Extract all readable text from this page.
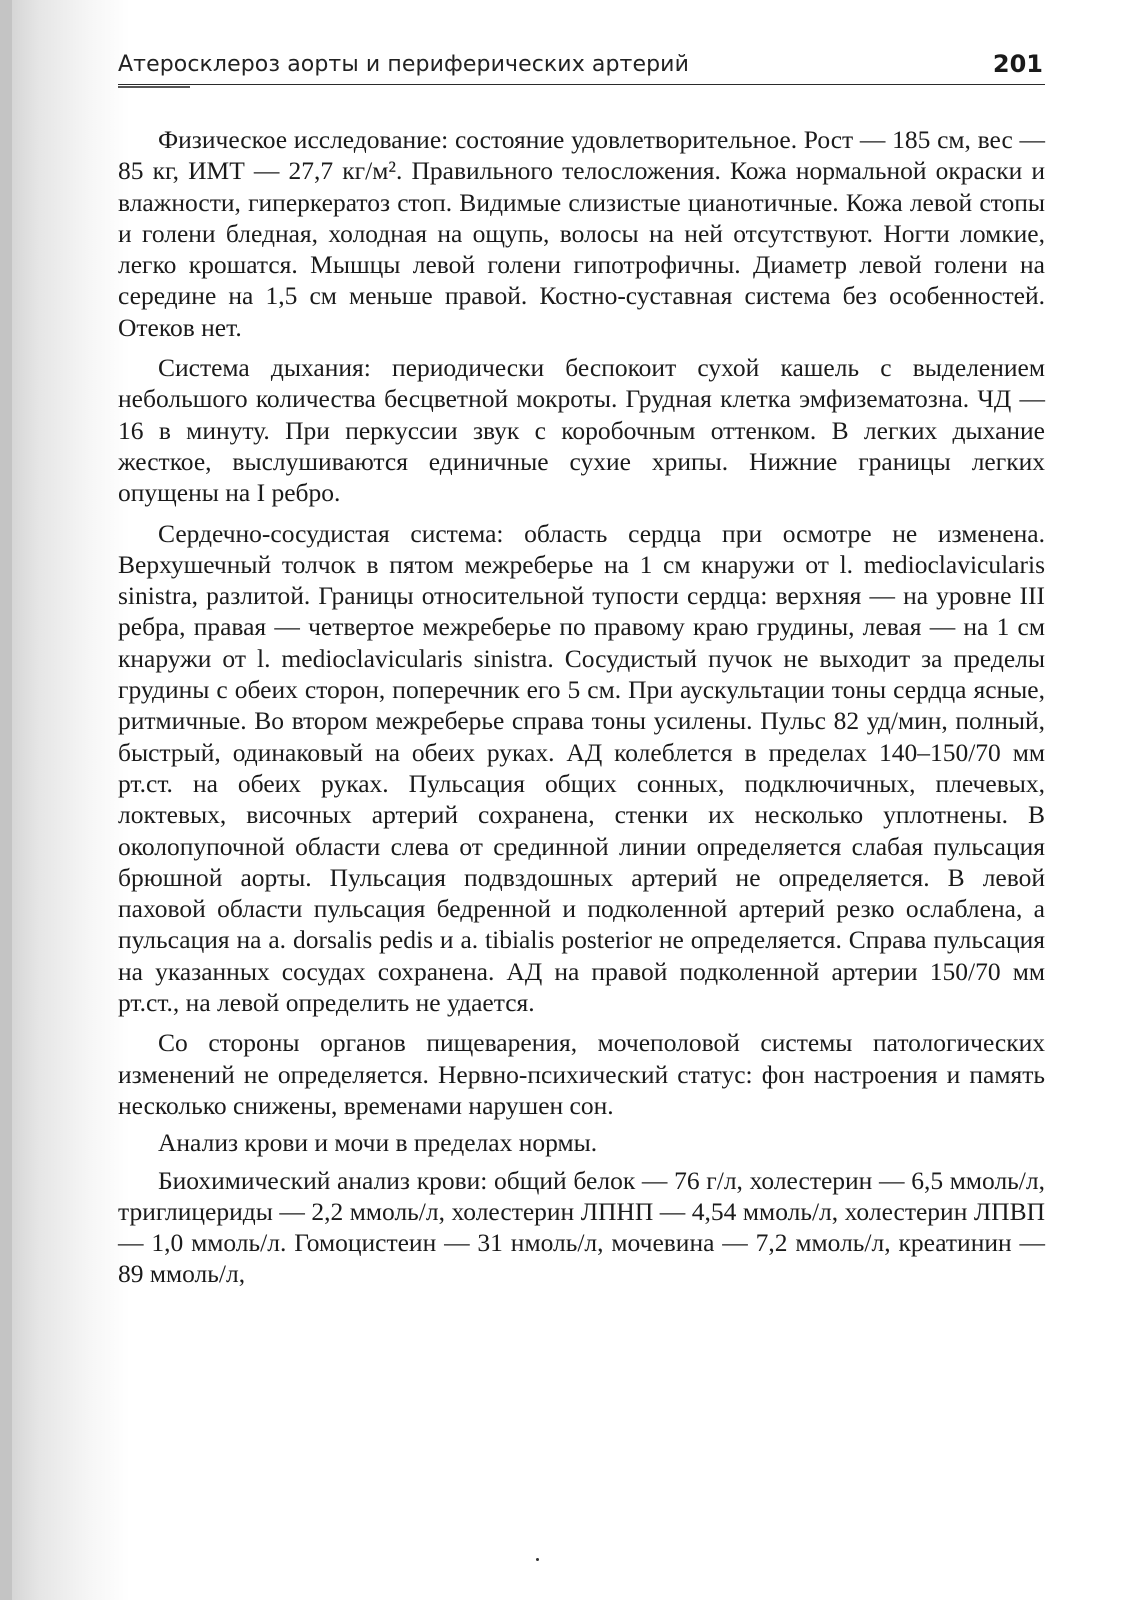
Атеросклероз аорты и периферических артерий	201

Физическое исследование: состояние удовлетворительное. Рост — 185 см, вес — 85 кг, ИМТ — 27,7 кг/м². Правильного телосложения. Кожа нормальной окраски и влажности, гиперкератоз стоп. Видимые слизистые цианотичные. Кожа левой стопы и голени бледная, холодная на ощупь, волосы на ней отсутствуют. Ногти ломкие, легко крошатся. Мышцы левой голени гипотрофичны. Диаметр левой голени на середине на 1,5 см меньше правой. Костно-суставная система без особенностей. Отеков нет.

Система дыхания: периодически беспокоит сухой кашель с выделением небольшого количества бесцветной мокроты. Грудная клетка эмфизематозна. ЧД — 16 в минуту. При перкуссии звук с коробочным оттенком. В легких дыхание жесткое, выслушиваются единичные сухие хрипы. Нижние границы легких опущены на I ребро.

Сердечно-сосудистая система: область сердца при осмотре не изменена. Верхушечный толчок в пятом межреберье на 1 см кнаружи от l. medioclavicularis sinistra, разлитой. Границы относительной тупости сердца: верхняя — на уровне III ребра, правая — четвертое межреберье по правому краю грудины, левая — на 1 см кнаружи от l. medioclavicularis sinistra. Сосудистый пучок не выходит за пределы грудины с обеих сторон, поперечник его 5 см. При аускультации тоны сердца ясные, ритмичные. Во втором межреберье справа тоны усилены. Пульс 82 уд/мин, полный, быстрый, одинаковый на обеих руках. АД колеблется в пределах 140–150/70 мм рт.ст. на обеих руках. Пульсация общих сонных, подключичных, плечевых, локтевых, височных артерий сохранена, стенки их несколько уплотнены. В околопупочной области слева от срединной линии определяется слабая пульсация брюшной аорты. Пульсация подвздошных артерий не определяется. В левой паховой области пульсация бедренной и подколенной артерий резко ослаблена, а пульсация на a. dorsalis pedis и a. tibialis posterior не определяется. Справа пульсация на указанных сосудах сохранена. АД на правой подколенной артерии 150/70 мм рт.ст., на левой определить не удается.

Со стороны органов пищеварения, мочеполовой системы патологических изменений не определяется. Нервно-психический статус: фон настроения и память несколько снижены, временами нарушен сон.

Анализ крови и мочи в пределах нормы.

Биохимический анализ крови: общий белок — 76 г/л, холестерин — 6,5 ммоль/л, триглицериды — 2,2 ммоль/л, холестерин ЛПНП — 4,54 ммоль/л, холестерин ЛПВП — 1,0 ммоль/л. Гомоцистеин — 31 нмоль/л, мочевина — 7,2 ммоль/л, креатинин — 89 ммоль/л,
